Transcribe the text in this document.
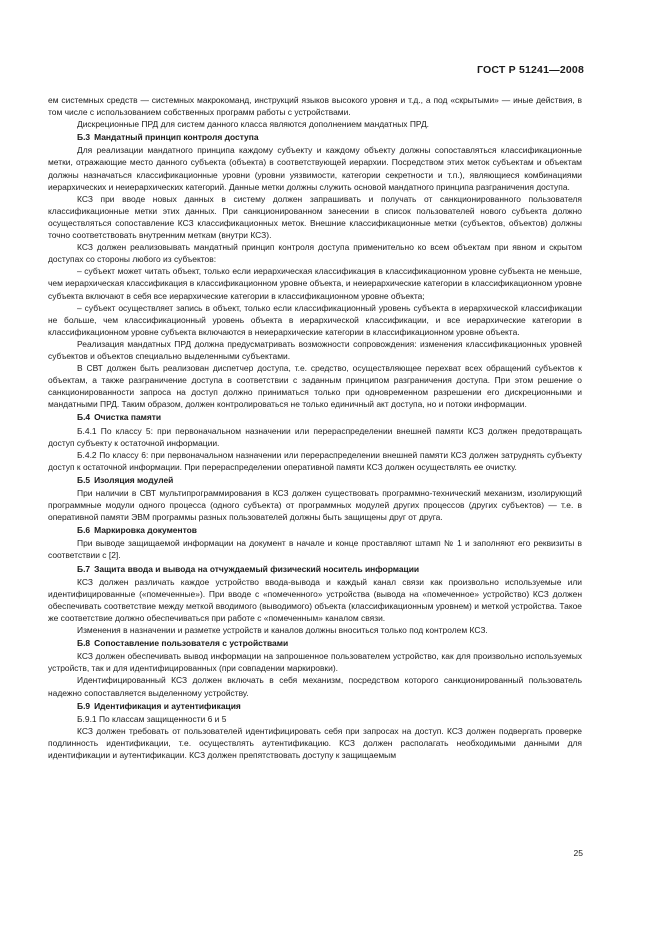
ГОСТ Р 51241—2008

ем системных средств — системных макрокоманд, инструкций языков высокого уровня и т.д., а под «скрытыми» — иные действия, в том числе с использованием собственных программ работы с устройствами.

Дискреционные ПРД для систем данного класса являются дополнением мандатных ПРД.

Б.3 Мандатный принцип контроля доступа

Для реализации мандатного принципа каждому субъекту и каждому объекту должны сопоставляться классификационные метки, отражающие место данного субъекта (объекта) в соответствующей иерархии. Посредством этих меток субъектам и объектам должны назначаться классификационные уровни (уровни уязвимости, категории секретности и т.п.), являющиеся комбинациями иерархических и неиерархических категорий. Данные метки должны служить основой мандатного принципа разграничения доступа.

КСЗ при вводе новых данных в систему должен запрашивать и получать от санкционированного пользователя классификационные метки этих данных. При санкционированном занесении в список пользователей нового субъекта должно осуществляться сопоставление КСЗ классификационных меток. Внешние классификационные метки (субъектов, объектов) должны точно соответствовать внутренним меткам (внутри КСЗ).

КСЗ должен реализовывать мандатный принцип контроля доступа применительно ко всем объектам при явном и скрытом доступах со стороны любого из субъектов:

– субъект может читать объект, только если иерархическая классификация в классификационном уровне субъекта не меньше, чем иерархическая классификация в классификационном уровне объекта, и неиерархические категории в классификационном уровне субъекта включают в себя все иерархические категории в классификационном уровне объекта;

– субъект осуществляет запись в объект, только если классификационный уровень субъекта в иерархической классификации не больше, чем классификационный уровень объекта в иерархической классификации, и все иерархические категории в классификационном уровне субъекта включаются в неиерархические категории в классификационном уровне объекта.

Реализация мандатных ПРД должна предусматривать возможности сопровождения: изменения классификационных уровней субъектов и объектов специально выделенными субъектами.

В СВТ должен быть реализован диспетчер доступа, т.е. средство, осуществляющее перехват всех обращений субъектов к объектам, а также разграничение доступа в соответствии с заданным принципом разграничения доступа. При этом решение о санкционированности запроса на доступ должно приниматься только при одновременном разрешении его дискреционными и мандатными ПРД. Таким образом, должен контролироваться не только единичный акт доступа, но и потоки информации.

Б.4 Очистка памяти

Б.4.1 По классу 5: при первоначальном назначении или перераспределении внешней памяти КСЗ должен предотвращать доступ субъекту к остаточной информации.

Б.4.2 По классу 6: при первоначальном назначении или перераспределении внешней памяти КСЗ должен затруднять субъекту доступ к остаточной информации. При перераспределении оперативной памяти КСЗ должен осуществлять ее очистку.

Б.5 Изоляция модулей

При наличии в СВТ мультипрограммирования в КСЗ должен существовать программно-технический механизм, изолирующий программные модули одного процесса (одного субъекта) от программных модулей других процессов (других субъектов) — т.е. в оперативной памяти ЭВМ программы разных пользователей должны быть защищены друг от друга.

Б.6 Маркировка документов

При выводе защищаемой информации на документ в начале и конце проставляют штамп № 1 и заполняют его реквизиты в соответствии с [2].

Б.7 Защита ввода и вывода на отчуждаемый физический носитель информации

КСЗ должен различать каждое устройство ввода-вывода и каждый канал связи как произвольно используемые или идентифицированные («помеченные»). При вводе с «помеченного» устройства (вывода на «помеченное» устройство) КСЗ должен обеспечивать соответствие между меткой вводимого (выводимого) объекта (классификационным уровнем) и меткой устройства. Такое же соответствие должно обеспечиваться при работе с «помеченным» каналом связи.

Изменения в назначении и разметке устройств и каналов должны вноситься только под контролем КСЗ.

Б.8 Сопоставление пользователя с устройствами

КСЗ должен обеспечивать вывод информации на запрошенное пользователем устройство, как для произвольно используемых устройств, так и для идентифицированных (при совпадении маркировки).

Идентифицированный КСЗ должен включать в себя механизм, посредством которого санкционированный пользователь надежно сопоставляется выделенному устройству.

Б.9 Идентификация и аутентификация

Б.9.1 По классам защищенности 6 и 5

КСЗ должен требовать от пользователей идентифицировать себя при запросах на доступ. КСЗ должен подвергать проверке подлинность идентификации, т.е. осуществлять аутентификацию. КСЗ должен располагать необходимыми данными для идентификации и аутентификации. КСЗ должен препятствовать доступу к защищаемым

25
